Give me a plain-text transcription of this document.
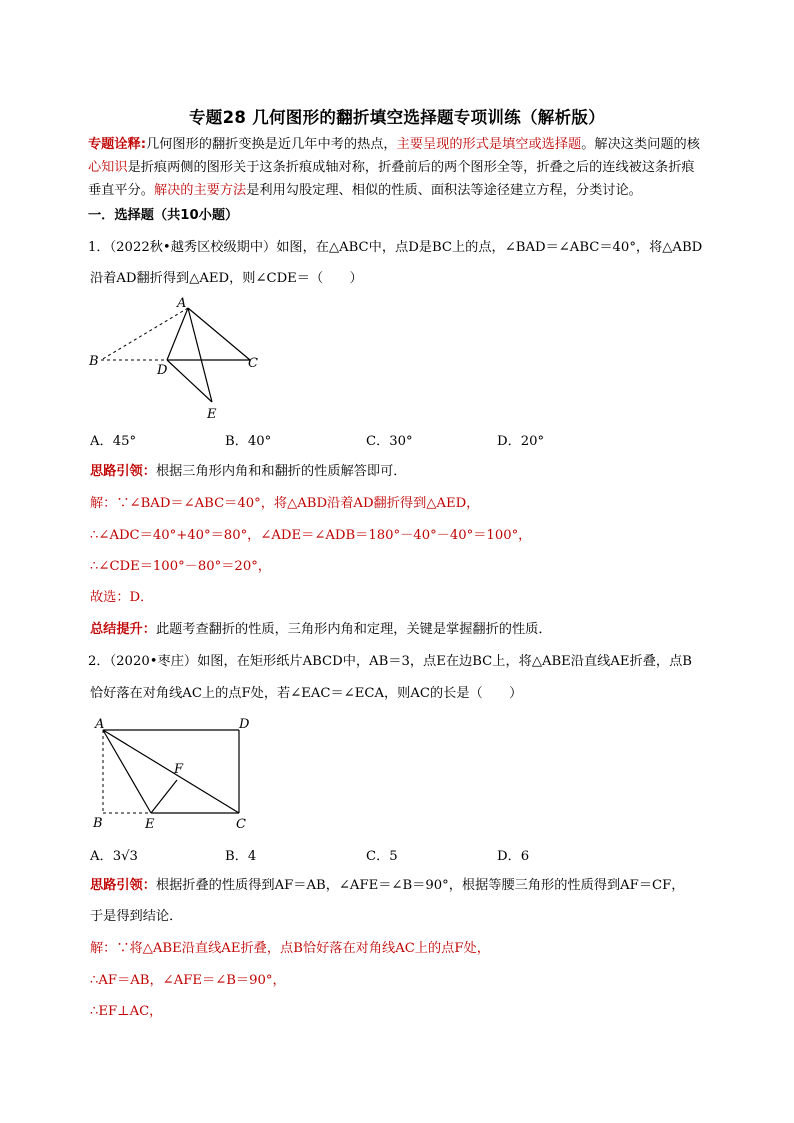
专题28 几何图形的翻折填空选择题专项训练（解析版）
专题诠释:几何图形的翻折变换是近几年中考的热点，主要呈现的形式是填空或选择题。解决这类问题的核
心知识是折痕两侧的图形关于这条折痕成轴对称，折叠前后的两个图形全等，折叠之后的连线被这条折痕
垂直平分。解决的主要方法是利用勾股定理、相似的性质、面积法等途径建立方程，分类讨论。
一．选择题（共10小题）
1．（2022秋•越秀区校级期中）如图，在△ABC中，点D是BC上的点，∠BAD＝∠ABC＝40°，将△ABD
沿着AD翻折得到△AED，则∠CDE＝（　　）
A
B
D	C
E
A．45°	B．40°	C．30°	D．20°
思路引领：根据三角形内角和和翻折的性质解答即可．
解：∵∠BAD＝∠ABC＝40°，将△ABD沿着AD翻折得到△AED，
∴∠ADC＝40°+40°＝80°，∠ADE＝∠ADB＝180°－40°－40°＝100°，
∴∠CDE＝100°－80°＝20°，
故选：D．
总结提升：此题考查翻折的性质，三角形内角和定理，关键是掌握翻折的性质．
2．（2020•枣庄）如图，在矩形纸片ABCD中，AB＝3，点E在边BC上，将△ABE沿直线AE折叠，点B
恰好落在对角线AC上的点F处，若∠EAC＝∠ECA，则AC的长是（　　）
A	D
F
B	E	C
A．3√3	B．4	C．5	D．6
思路引领：根据折叠的性质得到AF＝AB，∠AFE＝∠B＝90°，根据等腰三角形的性质得到AF＝CF，
于是得到结论．
解：∵将△ABE沿直线AE折叠，点B恰好落在对角线AC上的点F处，
∴AF＝AB，∠AFE＝∠B＝90°，
∴EF⊥AC，
